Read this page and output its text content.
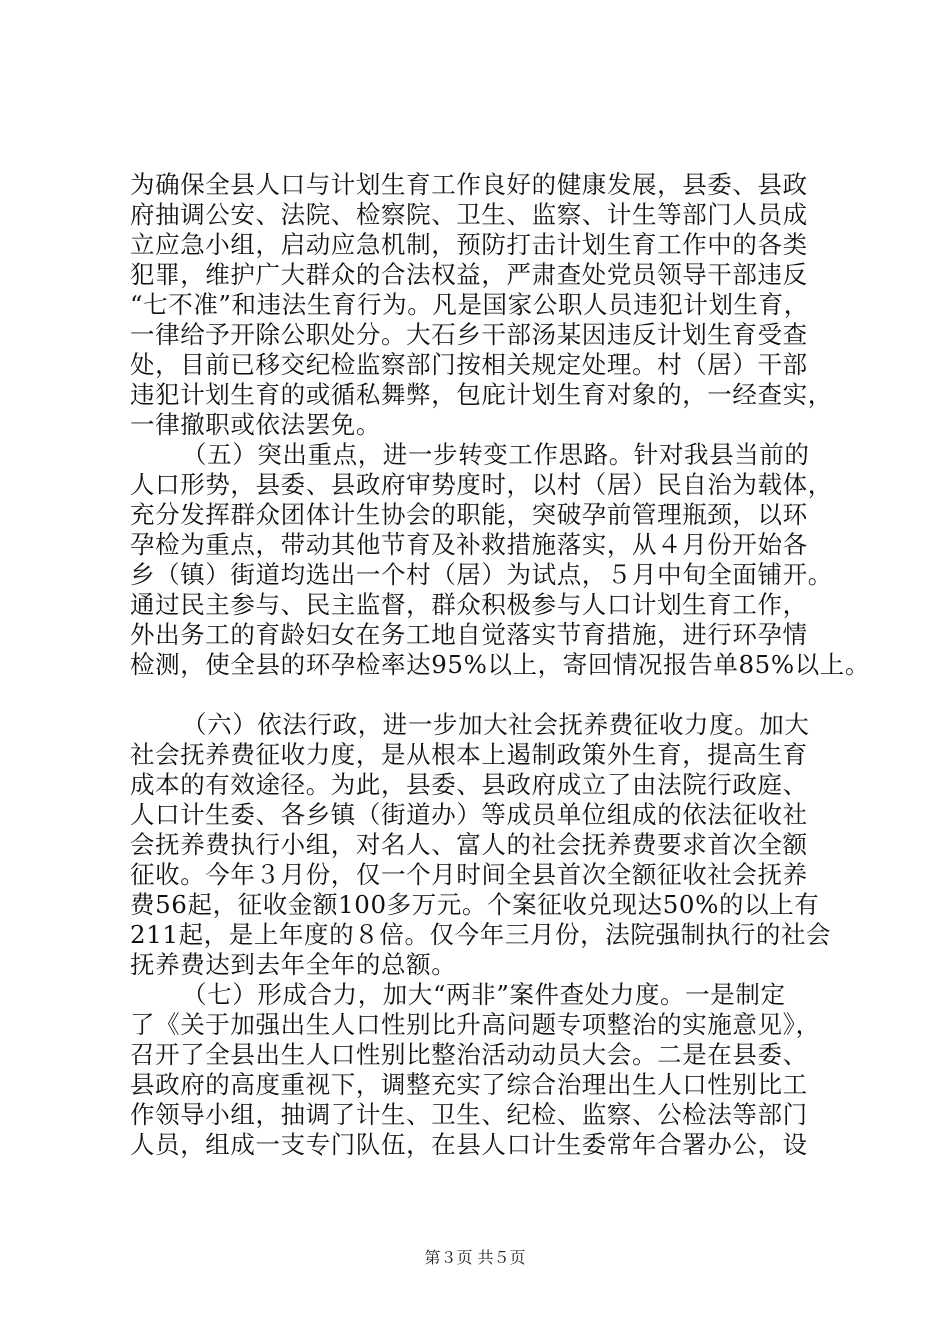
为确保全县人口与计划生育工作良好的健康发展，县委、县政
府抽调公安、法院、检察院、卫生、监察、计生等部门人员成
立应急小组，启动应急机制，预防打击计划生育工作中的各类
犯罪，维护广大群众的合法权益，严肃查处党员领导干部违反
“七不准”和违法生育行为。凡是国家公职人员违犯计划生育，
一律给予开除公职处分。大石乡干部汤某因违反计划生育受查
处，目前已移交纪检监察部门按相关规定处理。村（居）干部
违犯计划生育的或循私舞弊，包庇计划生育对象的，一经查实，
一律撤职或依法罢免。
（五）突出重点，进一步转变工作思路。针对我县当前的
人口形势，县委、县政府审势度时，以村（居）民自治为载体，
充分发挥群众团体计生协会的职能，突破孕前管理瓶颈，以环
孕检为重点，带动其他节育及补救措施落实，从４月份开始各
乡（镇）街道均选出一个村（居）为试点，５月中旬全面铺开。
通过民主参与、民主监督，群众积极参与人口计划生育工作，
外出务工的育龄妇女在务工地自觉落实节育措施，进行环孕情
检测，使全县的环孕检率达95%以上，寄回情况报告单85%以上。
（六）依法行政，进一步加大社会抚养费征收力度。加大
社会抚养费征收力度，是从根本上遏制政策外生育，提高生育
成本的有效途径。为此，县委、县政府成立了由法院行政庭、
人口计生委、各乡镇（街道办）等成员单位组成的依法征收社
会抚养费执行小组，对名人、富人的社会抚养费要求首次全额
征收。今年３月份，仅一个月时间全县首次全额征收社会抚养
费56起，征收金额100多万元。个案征收兑现达50%的以上有
211起，是上年度的８倍。仅今年三月份，法院强制执行的社会
抚养费达到去年全年的总额。
（七）形成合力，加大“两非”案件查处力度。一是制定
了《关于加强出生人口性别比升高问题专项整治的实施意见》，
召开了全县出生人口性别比整治活动动员大会。二是在县委、
县政府的高度重视下，调整充实了综合治理出生人口性别比工
作领导小组，抽调了计生、卫生、纪检、监察、公检法等部门
人员，组成一支专门队伍，在县人口计生委常年合署办公，设
第３页 共５页
